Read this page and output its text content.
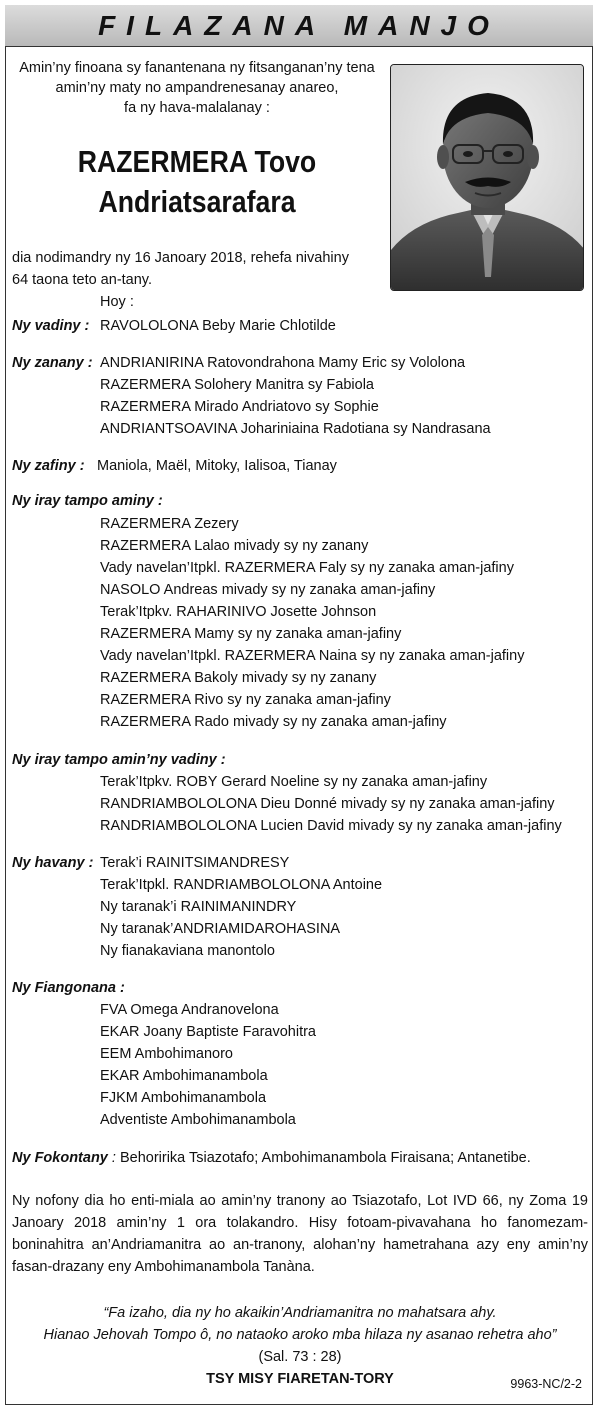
FILAZANA MANJO
Amin’ny finoana sy fanantenana ny fitsanganan’ny tena
amin’ny maty no ampandrenesanay anareo,
fa ny hava-malalanay :
RAZERMERA Tovo
Andriatsarafara
dia nodimandry ny 16 Janoary 2018, rehefa nivahiny
64 taona teto an-tany.
Hoy :
Ny vadiny : RAVOLOLONA Beby Marie Chlotilde
Ny zanany : ANDRIANIRINA Ratovondrahona Mamy Eric sy Vololona
RAZERMERA Solohery Manitra sy Fabiola
RAZERMERA Mirado Andriatovo sy Sophie
ANDRIANTSOAVINA Johariniaina Radotiana sy Nandrasana
Ny zafiny : Maniola, Maël, Mitoky, Ialisoa, Tianay
Ny iray tampo aminy :
RAZERMERA Zezery
RAZERMERA Lalao mivady sy ny zanany
Vady navelan’Itpkl. RAZERMERA Faly sy ny zanaka aman-jafiny
NASOLO Andreas mivady sy ny zanaka aman-jafiny
Terak’Itpkv. RAHARINIVO Josette Johnson
RAZERMERA Mamy sy ny zanaka aman-jafiny
Vady navelan’Itpkl. RAZERMERA Naina sy ny zanaka aman-jafiny
RAZERMERA Bakoly mivady sy ny zanany
RAZERMERA Rivo sy ny zanaka aman-jafiny
RAZERMERA Rado mivady sy ny zanaka aman-jafiny
Ny iray tampo amin’ny vadiny :
Terak’Itpkv. ROBY Gerard Noeline sy ny zanaka aman-jafiny
RANDRIAMBOLOLONA Dieu Donné mivady sy ny zanaka aman-jafiny
RANDRIAMBOLOLONA Lucien David mivady sy ny zanaka aman-jafiny
Ny havany : Terak’i RAINITSIMANDRESY
Terak’Itpkl. RANDRIAMBOLOLONA Antoine
Ny taranak’i RAINIMANINDRY
Ny taranak’ANDRIAMIDAROHASINA
Ny fianakaviana manontolo
Ny Fiangonana :
FVA Omega Andranovelona
EKAR Joany Baptiste Faravohitra
EEM Ambohimanoro
EKAR Ambohimanambola
FJKM Ambohimanambola
Adventiste Ambohimanambola
Ny Fokontany : Behoririka Tsiazotafo; Ambohimanambola Firaisana; Antanetibe.
Ny nofony dia ho enti-miala ao amin’ny tranony ao Tsiazotafo, Lot IVD 66, ny Zoma 19 Janoary 2018 amin’ny 1 ora tolakandro. Hisy fotoam-pivavahana ho fanomezam-boninahitra an’Andriamanitra ao an-tranony, alohan’ny hametrahana azy eny amin’ny fasan-drazany eny Ambohimanambola Tanàna.
“Fa izaho, dia ny ho akaikin’Andriamanitra no mahatsara ahy.
Hianao Jehovah Tompo ô, no nataoko aroko mba hilaza ny asanao rehetra aho”
(Sal. 73 : 28)
TSY MISY FIARETAN-TORY	9963-NC/2-2
